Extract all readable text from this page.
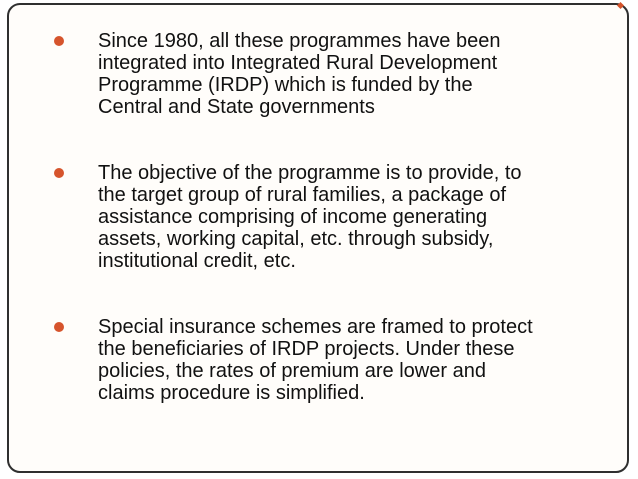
Since 1980, all these programmes have been
integrated into Integrated Rural Development
Programme (IRDP) which is funded by the
Central and State governments
The objective of the programme is to provide, to
the target group of rural families, a package of
assistance comprising of income generating
assets, working capital, etc. through subsidy,
institutional credit, etc.
Special insurance schemes are framed to protect
the beneficiaries of IRDP projects. Under these
policies, the rates of premium are lower and
claims procedure is simplified.
